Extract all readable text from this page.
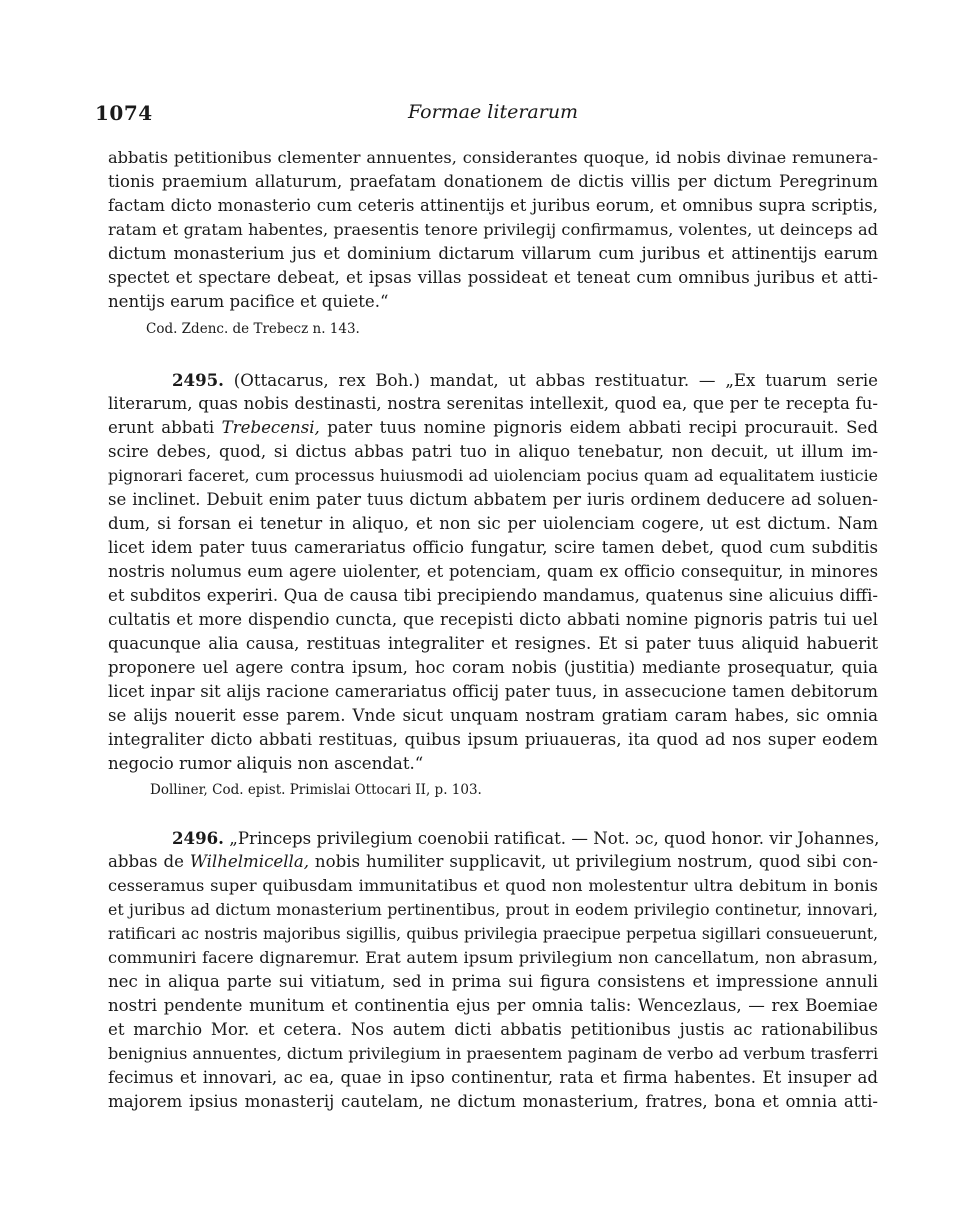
1074	Formae literarum
abbatis petitionibus clementer annuentes, considerantes quoque, id nobis divinae remunera-
tionis praemium allaturum, praefatam donationem de dictis villis per dictum Peregrinum
factam dicto monasterio cum ceteris attinentijs et juribus eorum, et omnibus supra scriptis,
ratam et gratam habentes, praesentis tenore privilegij confirmamus, volentes, ut deinceps ad
dictum monasterium jus et dominium dictarum villarum cum juribus et attinentijs earum
spectet et spectare debeat, et ipsas villas possideat et teneat cum omnibus juribus et atti-
nentijs earum pacifice et quiete.“
Cod. Zdenc. de Trebecz n. 143.
2495. (Ottacarus, rex Boh.) mandat, ut abbas restituatur. — „Ex tuarum serie
literarum, quas nobis destinasti, nostra serenitas intellexit, quod ea, que per te recepta fu-
erunt abbati Trebecensi, pater tuus nomine pignoris eidem abbati recipi procurauit. Sed
scire debes, quod, si dictus abbas patri tuo in aliquo tenebatur, non decuit, ut illum im-
pignorari faceret, cum processus huiusmodi ad uiolenciam pocius quam ad equalitatem iusticie
se inclinet. Debuit enim pater tuus dictum abbatem per iuris ordinem deducere ad soluen-
dum, si forsan ei tenetur in aliquo, et non sic per uiolenciam cogere, ut est dictum. Nam
licet idem pater tuus camerariatus officio fungatur, scire tamen debet, quod cum subditis
nostris nolumus eum agere uiolenter, et potenciam, quam ex officio consequitur, in minores
et subditos experiri. Qua de causa tibi precipiendo mandamus, quatenus sine alicuius diffi-
cultatis et more dispendio cuncta, que recepisti dicto abbati nomine pignoris patris tui uel
quacunque alia causa, restituas integraliter et resignes. Et si pater tuus aliquid habuerit
proponere uel agere contra ipsum, hoc coram nobis (justitia) mediante prosequatur, quia
licet inpar sit alijs racione camerariatus officij pater tuus, in assecucione tamen debitorum
se alijs nouerit esse parem. Vnde sicut unquam nostram gratiam caram habes, sic omnia
integraliter dicto abbati restituas, quibus ipsum priuaueras, ita quod ad nos super eodem
negocio rumor aliquis non ascendat.“
Dolliner, Cod. epist. Primislai Ottocari II, p. 103.
2496. „Princeps privilegium coenobii ratificat. — Not. ɔc, quod honor. vir Johannes,
abbas de Wilhelmicella, nobis humiliter supplicavit, ut privilegium nostrum, quod sibi con-
cesseramus super quibusdam immunitatibus et quod non molestentur ultra debitum in bonis
et juribus ad dictum monasterium pertinentibus, prout in eodem privilegio continetur, innovari,
ratificari ac nostris majoribus sigillis, quibus privilegia praecipue perpetua sigillari consueuerunt,
communiri facere dignaremur. Erat autem ipsum privilegium non cancellatum, non abrasum,
nec in aliqua parte sui vitiatum, sed in prima sui figura consistens et impressione annuli
nostri pendente munitum et continentia ejus per omnia talis: Wencezlaus, — rex Boemiae
et marchio Mor. et cetera. Nos autem dicti abbatis petitionibus justis ac rationabilibus
benignius annuentes, dictum privilegium in praesentem paginam de verbo ad verbum trasferri
fecimus et innovari, ac ea, quae in ipso continentur, rata et firma habentes. Et insuper ad
majorem ipsius monasterij cautelam, ne dictum monasterium, fratres, bona et omnia atti-
